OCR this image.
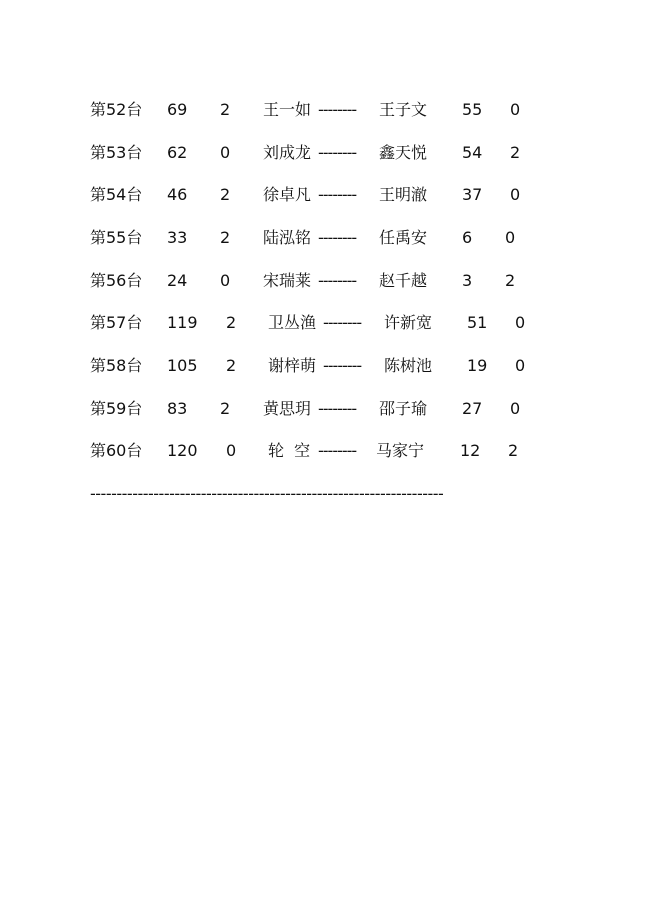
第52台 69 2 王一如 -------- 王子文 55 0
第53台 62 0 刘成龙 -------- 鑫天悦 54 2
第54台 46 2 徐卓凡 -------- 王明澈 37 0
第55台 33 2 陆泓铭 -------- 任禹安 6 0
第56台 24 0 宋瑞莱 -------- 赵千越 3 2
第57台 119 2 卫丛渔 -------- 许新宽 51 0
第58台 105 2 谢梓萌 -------- 陈树池 19 0
第59台 83 2 黄思玥 -------- 邵子瑜 27 0
第60台 120 0 轮  空 -------- 马家宁 12 2
-------------------------------------------------------------------
